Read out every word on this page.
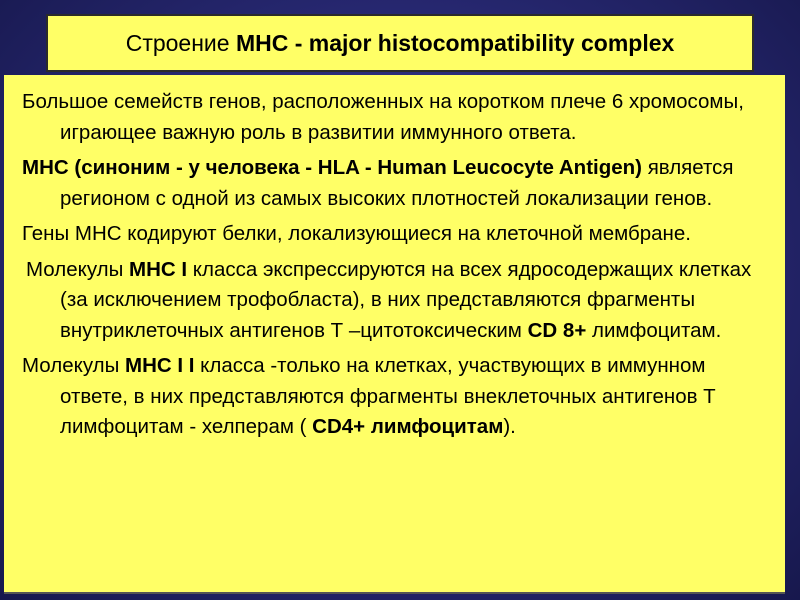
Строение МНС - major histocompatibility complex
Большое семейств генов, расположенных на коротком плече 6 хромосомы, играющее важную роль в развитии иммунного ответа.
МНС (синоним - у человека - HLA - Human Leucocyte Antigen) является регионом с одной из самых высоких плотностей локализации генов.
Гены МНС кодируют белки, локализующиеся на клеточной мембране.
Молекулы МНС I класса экспрессируются на всех ядросодержащих клетках (за исключением трофобласта), в них представляются фрагменты внутриклеточных антигенов Т –цитотоксическим CD 8+ лимфоцитам.
Молекулы МНС I I класса -только на клетках, участвующих в иммунном ответе, в них представляются фрагменты внеклеточных антигенов Т лимфоцитам - хелперам ( CD4+ лимфоцитам).
